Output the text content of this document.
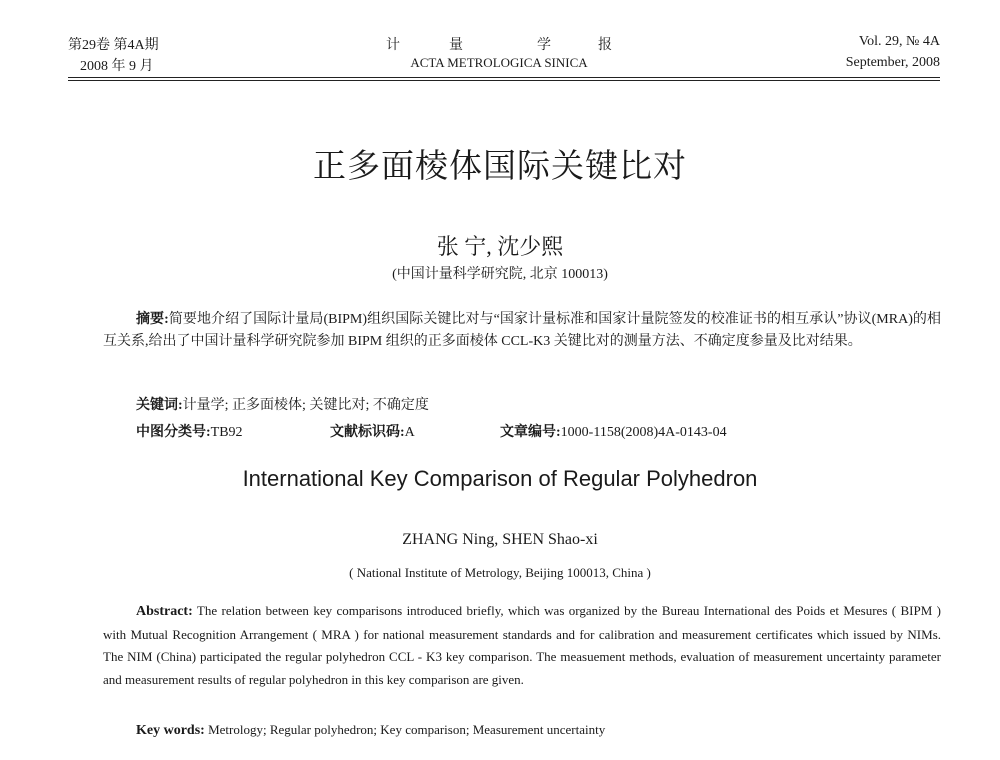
第29卷 第4A期
2008 年 9 月
计	量	学	报
ACTA METROLOGICA SINICA
Vol. 29, № 4A
September, 2008
正多面棱体国际关键比对
张 宁, 沈少熙
(中国计量科学研究院, 北京 100013)
摘要:简要地介绍了国际计量局(BIPM)组织国际关键比对与“国家计量标准和国家计量院签发的校准证书的相互承认”协议(MRA)的相互关系,给出了中国计量科学研究院参加 BIPM 组织的正多面棱体 CCL-K3 关键比对的测量方法、不确定度参量及比对结果。
关键词:计量学; 正多面棱体; 关键比对; 不确定度
中图分类号:TB92	文献标识码:A	文章编号:1000-1158(2008)4A-0143-04
International Key Comparison of Regular Polyhedron
ZHANG Ning, SHEN Shao-xi
( National Institute of Metrology, Beijing 100013, China )
Abstract: The relation between key comparisons introduced briefly, which was organized by the Bureau International des Poids et Mesures ( BIPM ) with Mutual Recognition Arrangement ( MRA ) for national measurement standards and for calibration and measurement certificates which issued by NIMs. The NIM (China) participated the regular polyhedron CCL - K3 key comparison. The measuement methods, evaluation of measurement uncertainty parameter and measurement results of regular polyhedron in this key comparison are given.
Key words: Metrology; Regular polyhedron; Key comparison; Measurement uncertainty
